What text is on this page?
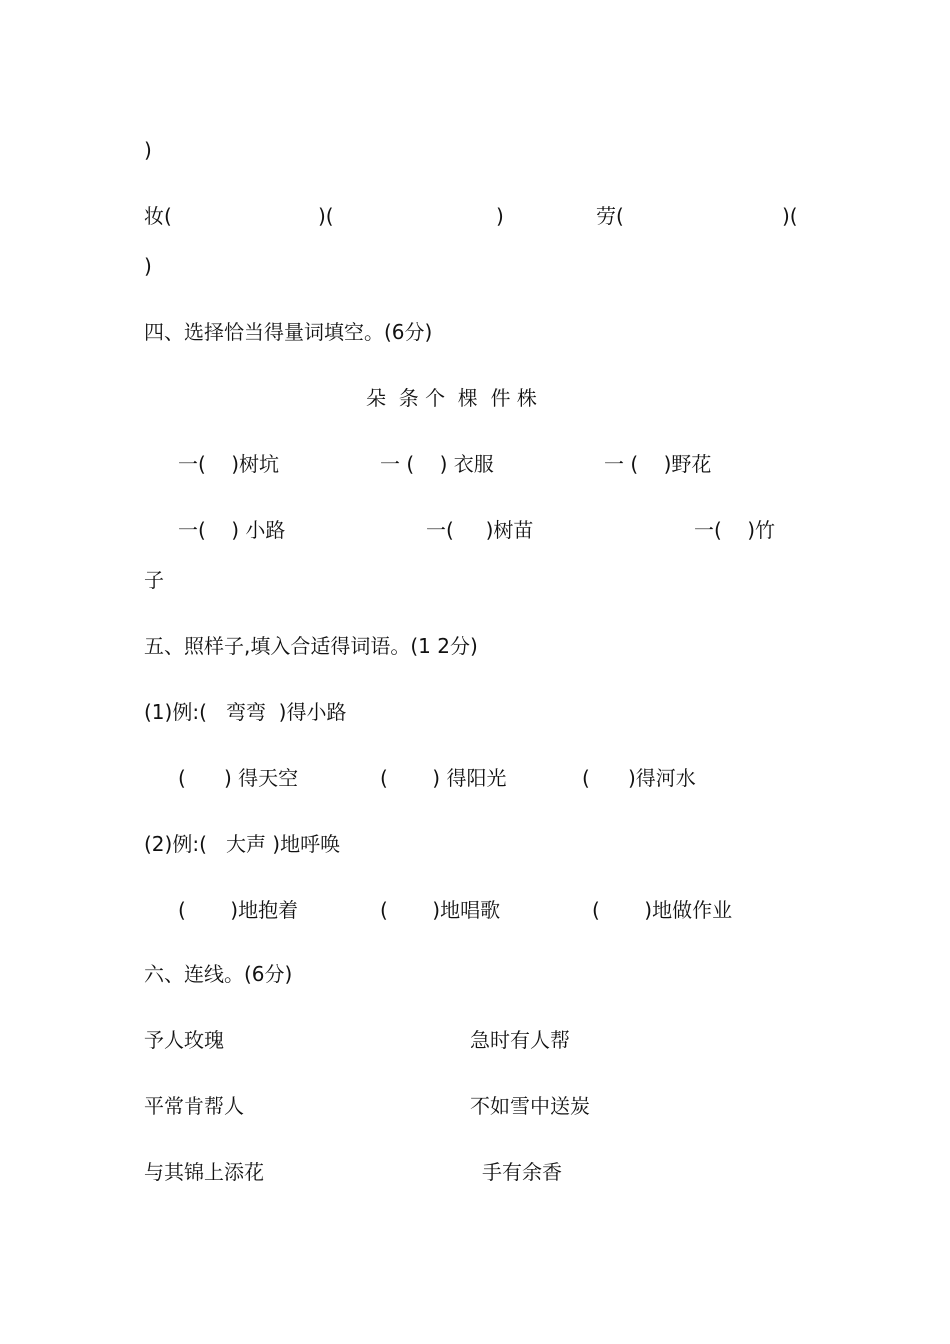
)
妆(	)(	)	劳(	)(
)
四、选择恰当得量词填空。(6分)
朵  条 个  棵  件 株
一(    )树坑	一 (    ) 衣服	一 (    )野花
一(    ) 小路	一(     )树苗	一(    )竹
子
五、照样子,填入合适得词语。(1 2分)
(1)例:(   弯弯  )得小路
(      ) 得天空	(       ) 得阳光	(      )得河水
(2)例:(   大声 )地呼唤
(       )地抱着	(       )地唱歌	(       )地做作业
六、连线。(6分)
予人玫瑰	急时有人帮
平常肯帮人	不如雪中送炭
与其锦上添花	手有余香
